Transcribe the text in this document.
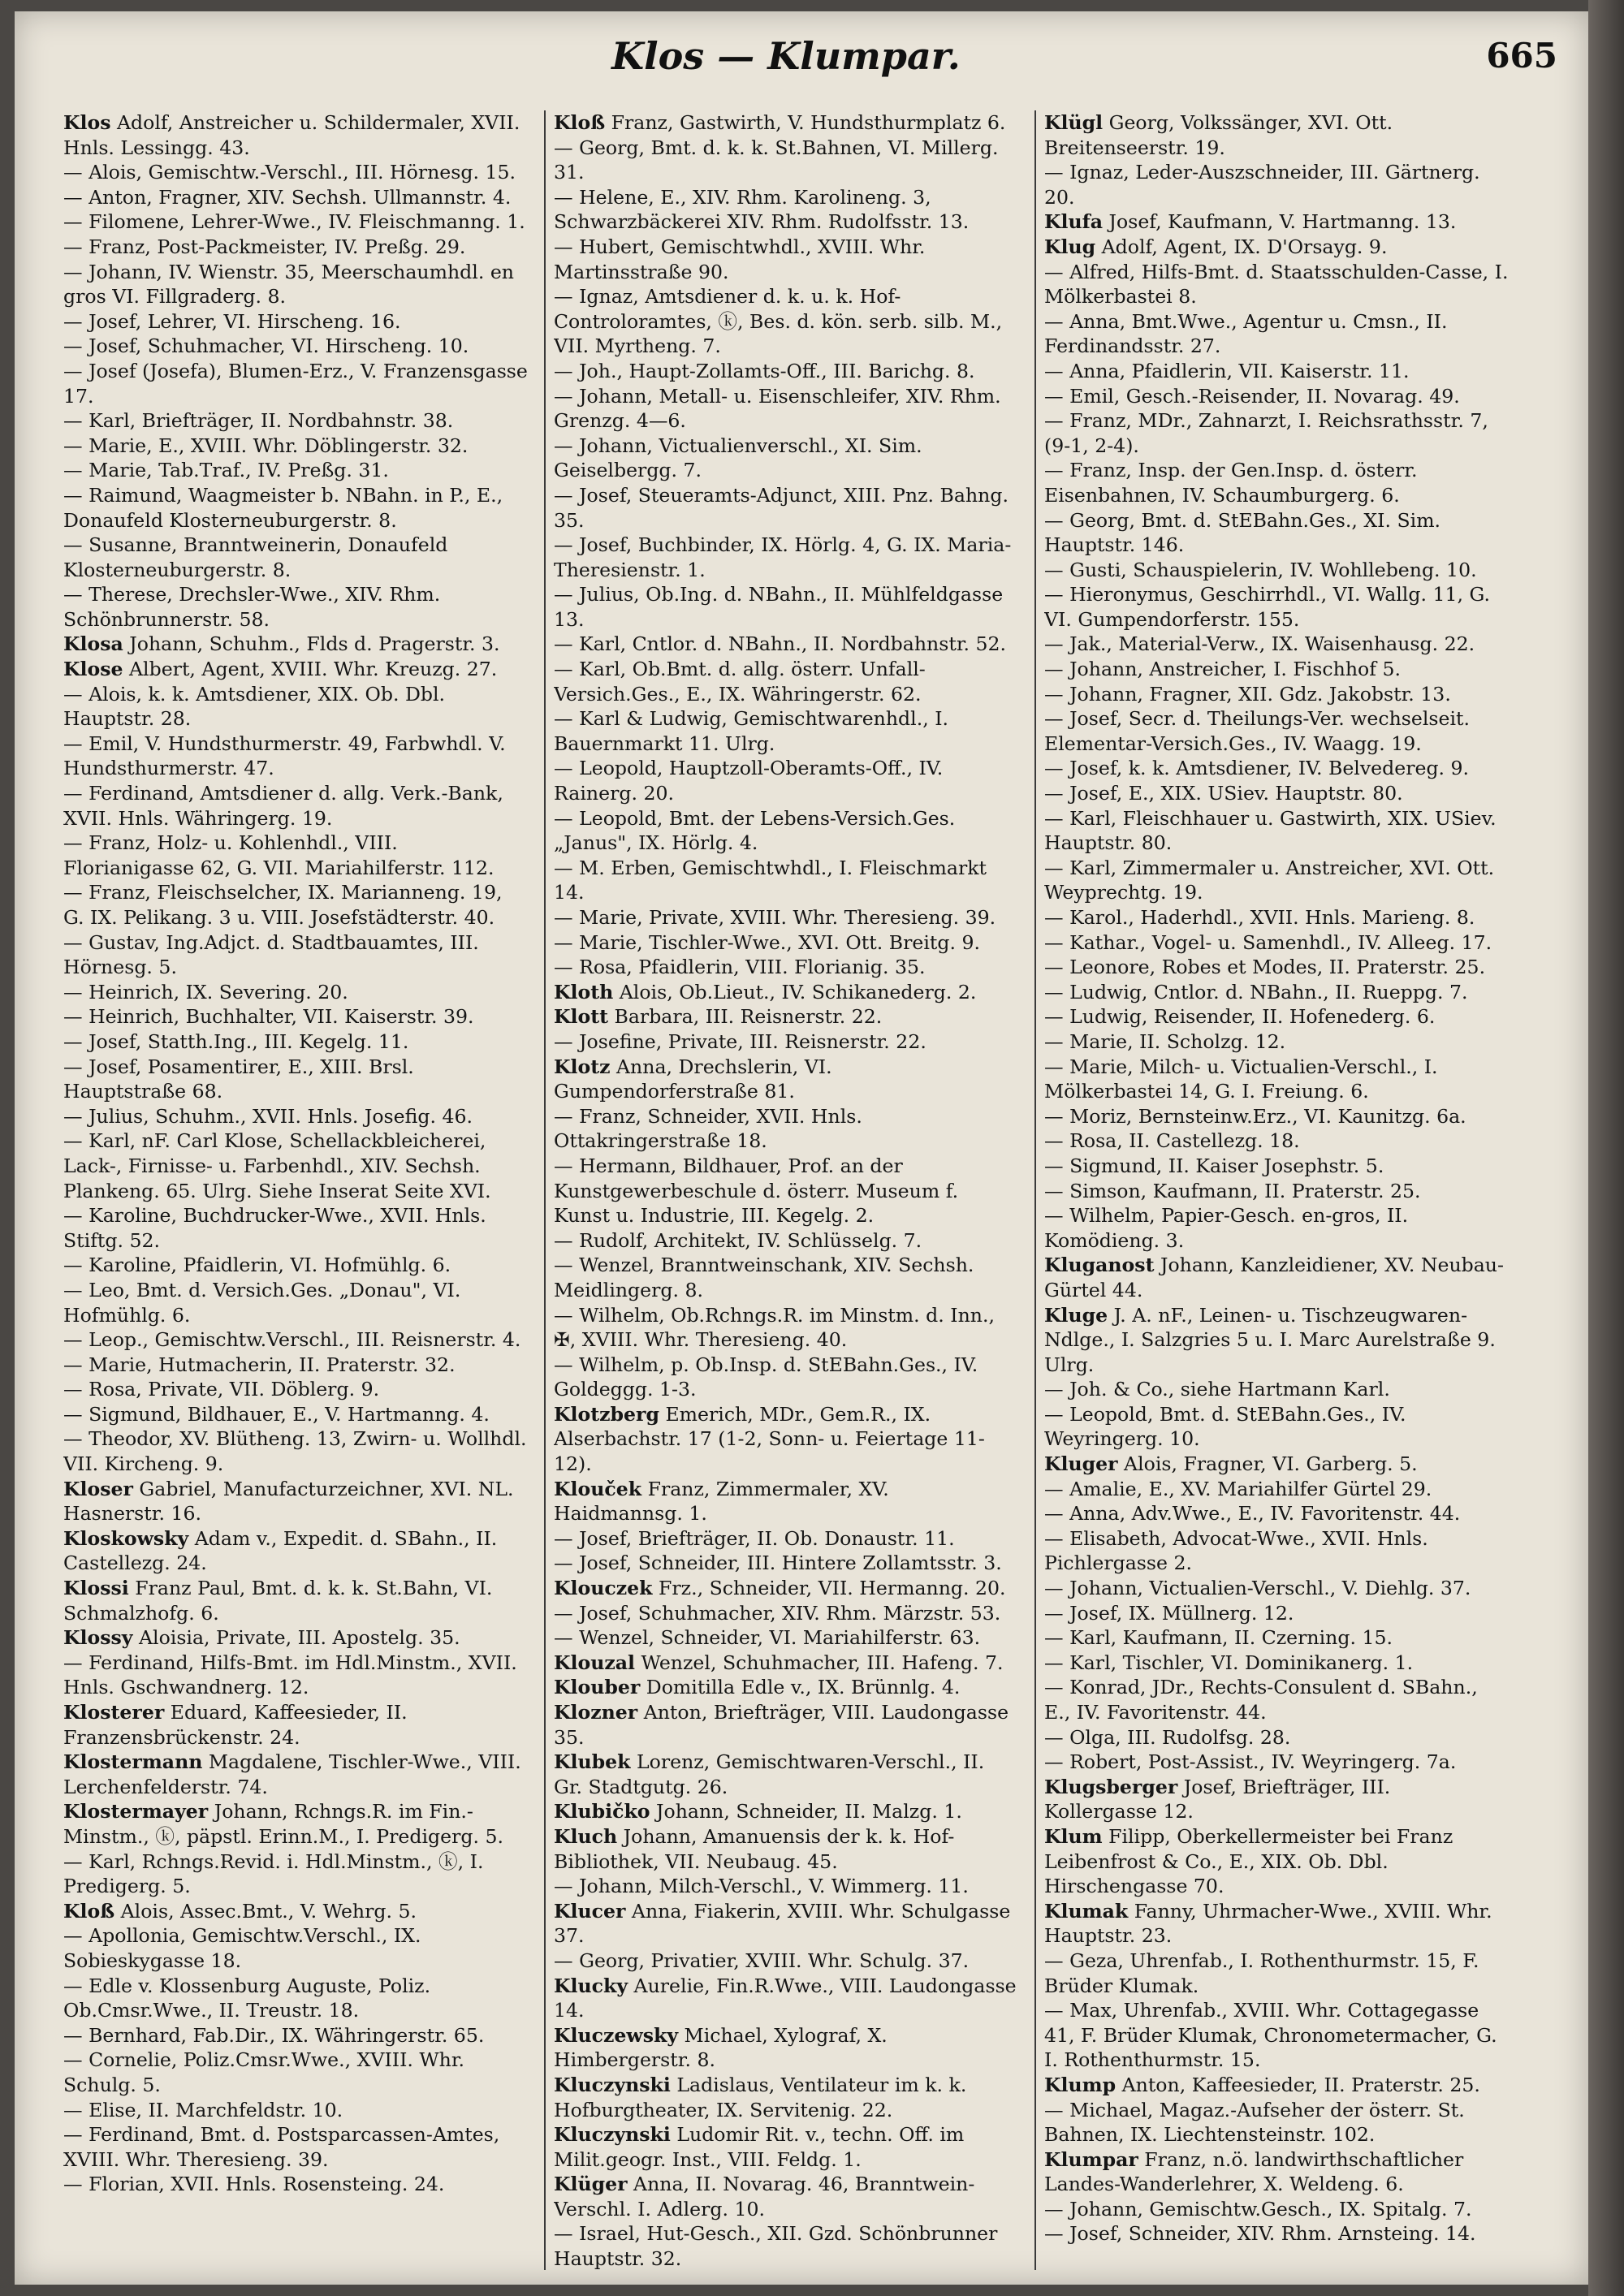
Klos — Klumpar.	665

Klos Adolf, Anstreicher u. Schildermaler, XVII. Hnls. Lessingg. 43.

— Alois, Gemischtw.-Verschl., III. Hörnesg. 15.

— Anton, Fragner, XIV. Sechsh. Ullmannstr. 4.

— Filomene, Lehrer-Wwe., IV. Fleischmanng. 1.

— Franz, Post-Packmeister, IV. Preßg. 29.

— Johann, IV. Wienstr. 35, Meerschaumhdl. en gros VI. Fillgraderg. 8.

— Josef, Lehrer, VI. Hirscheng. 16.

— Josef, Schuhmacher, VI. Hirscheng. 10.

— Josef (Josefa), Blumen-Erz., V. Franzensgasse 17.

— Karl, Briefträger, II. Nordbahnstr. 38.

— Marie, E., XVIII. Whr. Döblingerstr. 32.

— Marie, Tab.Traf., IV. Preßg. 31.

— Raimund, Waagmeister b. NBahn. in P., E., Donaufeld Klosterneuburgerstr. 8.

— Susanne, Branntweinerin, Donaufeld Klosterneuburgerstr. 8.

— Therese, Drechsler-Wwe., XIV. Rhm. Schönbrunnerstr. 58.

Klosa Johann, Schuhm., Flds d. Pragerstr. 3.

Klose Albert, Agent, XVIII. Whr. Kreuzg. 27.

— Alois, k. k. Amtsdiener, XIX. Ob. Dbl. Hauptstr. 28.

— Emil, V. Hundsthurmerstr. 49, Farbwhdl. V. Hundsthurmerstr. 47.

— Ferdinand, Amtsdiener d. allg. Verk.-Bank, XVII. Hnls. Währingerg. 19.

— Franz, Holz- u. Kohlenhdl., VIII. Florianigasse 62, G. VII. Mariahilferstr. 112.

— Franz, Fleischselcher, IX. Marianneng. 19, G. IX. Pelikang. 3 u. VIII. Josefstädterstr. 40.

— Gustav, Ing.Adjct. d. Stadtbauamtes, III. Hörnesg. 5.

— Heinrich, IX. Severing. 20.

— Heinrich, Buchhalter, VII. Kaiserstr. 39.

— Josef, Statth.Ing., III. Kegelg. 11.

— Josef, Posamentirer, E., XIII. Brsl. Hauptstraße 68.

— Julius, Schuhm., XVII. Hnls. Josefig. 46.

— Karl, nF. Carl Klose, Schellackbleicherei, Lack-, Firnisse- u. Farbenhdl., XIV. Sechsh. Plankeng. 65. Ulrg. Siehe Inserat Seite XVI.

— Karoline, Buchdrucker-Wwe., XVII. Hnls. Stiftg. 52.

— Karoline, Pfaidlerin, VI. Hofmühlg. 6.

— Leo, Bmt. d. Versich.Ges. „Donau", VI. Hofmühlg. 6.

— Leop., Gemischtw.Verschl., III. Reisnerstr. 4.

— Marie, Hutmacherin, II. Praterstr. 32.

— Rosa, Private, VII. Döblerg. 9.

— Sigmund, Bildhauer, E., V. Hartmanng. 4.

— Theodor, XV. Blütheng. 13, Zwirn- u. Wollhdl. VII. Kircheng. 9.

Kloser Gabriel, Manufacturzeichner, XVI. NL. Hasnerstr. 16.

Kloskowsky Adam v., Expedit. d. SBahn., II. Castellezg. 24.

Klossi Franz Paul, Bmt. d. k. k. St.Bahn, VI. Schmalzhofg. 6.

Klossy Aloisia, Private, III. Apostelg. 35.

— Ferdinand, Hilfs-Bmt. im Hdl.Minstm., XVII. Hnls. Gschwandnerg. 12.

Klosterer Eduard, Kaffeesieder, II. Franzensbrückenstr. 24.

Klostermann Magdalene, Tischler-Wwe., VIII. Lerchenfelderstr. 74.

Klostermayer Johann, Rchngs.R. im Fin.-Minstm., ⓚ, päpstl. Erinn.M., I. Predigerg. 5.

— Karl, Rchngs.Revid. i. Hdl.Minstm., ⓚ, I. Predigerg. 5.

Kloß Alois, Assec.Bmt., V. Wehrg. 5.

— Apollonia, Gemischtw.Verschl., IX. Sobieskygasse 18.

— Edle v. Klossenburg Auguste, Poliz. Ob.Cmsr.Wwe., II. Treustr. 18.

— Bernhard, Fab.Dir., IX. Währingerstr. 65.

— Cornelie, Poliz.Cmsr.Wwe., XVIII. Whr. Schulg. 5.

— Elise, II. Marchfeldstr. 10.

— Ferdinand, Bmt. d. Postsparcassen-Amtes, XVIII. Whr. Theresieng. 39.

— Florian, XVII. Hnls. Rosensteing. 24.

Kloß Franz, Gastwirth, V. Hundsthurmplatz 6.

— Georg, Bmt. d. k. k. St.Bahnen, VI. Millerg. 31.

— Helene, E., XIV. Rhm. Karolineng. 3, Schwarzbäckerei XIV. Rhm. Rudolfsstr. 13.

— Hubert, Gemischtwhdl., XVIII. Whr. Martinsstraße 90.

— Ignaz, Amtsdiener d. k. u. k. Hof-Controloramtes, ⓚ, Bes. d. kön. serb. silb. M., VII. Myrtheng. 7.

— Joh., Haupt-Zollamts-Off., III. Barichg. 8.

— Johann, Metall- u. Eisenschleifer, XIV. Rhm. Grenzg. 4—6.

— Johann, Victualienverschl., XI. Sim. Geiselbergg. 7.

— Josef, Steueramts-Adjunct, XIII. Pnz. Bahng. 35.

— Josef, Buchbinder, IX. Hörlg. 4, G. IX. Maria-Theresienstr. 1.

— Julius, Ob.Ing. d. NBahn., II. Mühlfeldgasse 13.

— Karl, Cntlor. d. NBahn., II. Nordbahnstr. 52.

— Karl, Ob.Bmt. d. allg. österr. Unfall-Versich.Ges., E., IX. Währingerstr. 62.

— Karl & Ludwig, Gemischtwarenhdl., I. Bauernmarkt 11. Ulrg.

— Leopold, Hauptzoll-Oberamts-Off., IV. Rainerg. 20.

— Leopold, Bmt. der Lebens-Versich.Ges. „Janus", IX. Hörlg. 4.

— M. Erben, Gemischtwhdl., I. Fleischmarkt 14.

— Marie, Private, XVIII. Whr. Theresieng. 39.

— Marie, Tischler-Wwe., XVI. Ott. Breitg. 9.

— Rosa, Pfaidlerin, VIII. Florianig. 35.

Kloth Alois, Ob.Lieut., IV. Schikanederg. 2.

Klott Barbara, III. Reisnerstr. 22.

— Josefine, Private, III. Reisnerstr. 22.

Klotz Anna, Drechslerin, VI. Gumpendorferstraße 81.

— Franz, Schneider, XVII. Hnls. Ottakringerstraße 18.

— Hermann, Bildhauer, Prof. an der Kunstgewerbeschule d. österr. Museum f. Kunst u. Industrie, III. Kegelg. 2.

— Rudolf, Architekt, IV. Schlüsselg. 7.

— Wenzel, Branntweinschank, XIV. Sechsh. Meidlingerg. 8.

— Wilhelm, Ob.Rchngs.R. im Minstm. d. Inn., ✠, XVIII. Whr. Theresieng. 40.

— Wilhelm, p. Ob.Insp. d. StEBahn.Ges., IV. Goldeggg. 1-3.

Klotzberg Emerich, MDr., Gem.R., IX. Alserbachstr. 17 (1-2, Sonn- u. Feiertage 11-12).

Klouček Franz, Zimmermaler, XV. Haidmannsg. 1.

— Josef, Briefträger, II. Ob. Donaustr. 11.

— Josef, Schneider, III. Hintere Zollamtsstr. 3.

Klouczek Frz., Schneider, VII. Hermanng. 20.

— Josef, Schuhmacher, XIV. Rhm. Märzstr. 53.

— Wenzel, Schneider, VI. Mariahilferstr. 63.

Klouzal Wenzel, Schuhmacher, III. Hafeng. 7.

Klouber Domitilla Edle v., IX. Brünnlg. 4.

Klozner Anton, Briefträger, VIII. Laudongasse 35.

Klubek Lorenz, Gemischtwaren-Verschl., II. Gr. Stadtgutg. 26.

Klubičko Johann, Schneider, II. Malzg. 1.

Kluch Johann, Amanuensis der k. k. Hof-Bibliothek, VII. Neubaug. 45.

— Johann, Milch-Verschl., V. Wimmerg. 11.

Klucer Anna, Fiakerin, XVIII. Whr. Schulgasse 37.

— Georg, Privatier, XVIII. Whr. Schulg. 37.

Klucky Aurelie, Fin.R.Wwe., VIII. Laudongasse 14.

Kluczewsky Michael, Xylograf, X. Himbergerstr. 8.

Kluczynski Ladislaus, Ventilateur im k. k. Hofburgtheater, IX. Servitenig. 22.

Kluczynski Ludomir Rit. v., techn. Off. im Milit.geogr. Inst., VIII. Feldg. 1.

Klüger Anna, II. Novarag. 46, Branntwein-Verschl. I. Adlerg. 10.

— Israel, Hut-Gesch., XII. Gzd. Schönbrunner Hauptstr. 32.

Klügl Georg, Volkssänger, XVI. Ott. Breitenseerstr. 19.

— Ignaz, Leder-Auszschneider, III. Gärtnerg. 20.

Klufa Josef, Kaufmann, V. Hartmanng. 13.

Klug Adolf, Agent, IX. D'Orsayg. 9.

— Alfred, Hilfs-Bmt. d. Staatsschulden-Casse, I. Mölkerbastei 8.

— Anna, Bmt.Wwe., Agentur u. Cmsn., II. Ferdinandsstr. 27.

— Anna, Pfaidlerin, VII. Kaiserstr. 11.

— Emil, Gesch.-Reisender, II. Novarag. 49.

— Franz, MDr., Zahnarzt, I. Reichsrathsstr. 7, (9-1, 2-4).

— Franz, Insp. der Gen.Insp. d. österr. Eisenbahnen, IV. Schaumburgerg. 6.

— Georg, Bmt. d. StEBahn.Ges., XI. Sim. Hauptstr. 146.

— Gusti, Schauspielerin, IV. Wohllebeng. 10.

— Hieronymus, Geschirrhdl., VI. Wallg. 11, G. VI. Gumpendorferstr. 155.

— Jak., Material-Verw., IX. Waisenhausg. 22.

— Johann, Anstreicher, I. Fischhof 5.

— Johann, Fragner, XII. Gdz. Jakobstr. 13.

— Josef, Secr. d. Theilungs-Ver. wechselseit. Elementar-Versich.Ges., IV. Waagg. 19.

— Josef, k. k. Amtsdiener, IV. Belvedereg. 9.

— Josef, E., XIX. USiev. Hauptstr. 80.

— Karl, Fleischhauer u. Gastwirth, XIX. USiev. Hauptstr. 80.

— Karl, Zimmermaler u. Anstreicher, XVI. Ott. Weyprechtg. 19.

— Karol., Haderhdl., XVII. Hnls. Marieng. 8.

— Kathar., Vogel- u. Samenhdl., IV. Alleeg. 17.

— Leonore, Robes et Modes, II. Praterstr. 25.

— Ludwig, Cntlor. d. NBahn., II. Rueppg. 7.

— Ludwig, Reisender, II. Hofenederg. 6.

— Marie, II. Scholzg. 12.

— Marie, Milch- u. Victualien-Verschl., I. Mölkerbastei 14, G. I. Freiung. 6.

— Moriz, Bernsteinw.Erz., VI. Kaunitzg. 6a.

— Rosa, II. Castellezg. 18.

— Sigmund, II. Kaiser Josephstr. 5.

— Simson, Kaufmann, II. Praterstr. 25.

— Wilhelm, Papier-Gesch. en-gros, II. Komödieng. 3.

Kluganost Johann, Kanzleidiener, XV. Neubau-Gürtel 44.

Kluge J. A. nF., Leinen- u. Tischzeugwaren-Ndlge., I. Salzgries 5 u. I. Marc Aurelstraße 9. Ulrg.

— Joh. & Co., siehe Hartmann Karl.

— Leopold, Bmt. d. StEBahn.Ges., IV. Weyringerg. 10.

Kluger Alois, Fragner, VI. Garberg. 5.

— Amalie, E., XV. Mariahilfer Gürtel 29.

— Anna, Adv.Wwe., E., IV. Favoritenstr. 44.

— Elisabeth, Advocat-Wwe., XVII. Hnls. Pichlergasse 2.

— Johann, Victualien-Verschl., V. Diehlg. 37.

— Josef, IX. Müllnerg. 12.

— Karl, Kaufmann, II. Czerning. 15.

— Karl, Tischler, VI. Dominikanerg. 1.

— Konrad, JDr., Rechts-Consulent d. SBahn., E., IV. Favoritenstr. 44.

— Olga, III. Rudolfsg. 28.

— Robert, Post-Assist., IV. Weyringerg. 7a.

Klugsberger Josef, Briefträger, III. Kollergasse 12.

Klum Filipp, Oberkellermeister bei Franz Leibenfrost & Co., E., XIX. Ob. Dbl. Hirschengasse 70.

Klumak Fanny, Uhrmacher-Wwe., XVIII. Whr. Hauptstr. 23.

— Geza, Uhrenfab., I. Rothenthurmstr. 15, F. Brüder Klumak.

— Max, Uhrenfab., XVIII. Whr. Cottagegasse 41, F. Brüder Klumak, Chronometermacher, G. I. Rothenthurmstr. 15.

Klump Anton, Kaffeesieder, II. Praterstr. 25.

— Michael, Magaz.-Aufseher der österr. St. Bahnen, IX. Liechtensteinstr. 102.

Klumpar Franz, n.ö. landwirthschaftlicher Landes-Wanderlehrer, X. Weldeng. 6.

— Johann, Gemischtw.Gesch., IX. Spitalg. 7.

— Josef, Schneider, XIV. Rhm. Arnsteing. 14.
